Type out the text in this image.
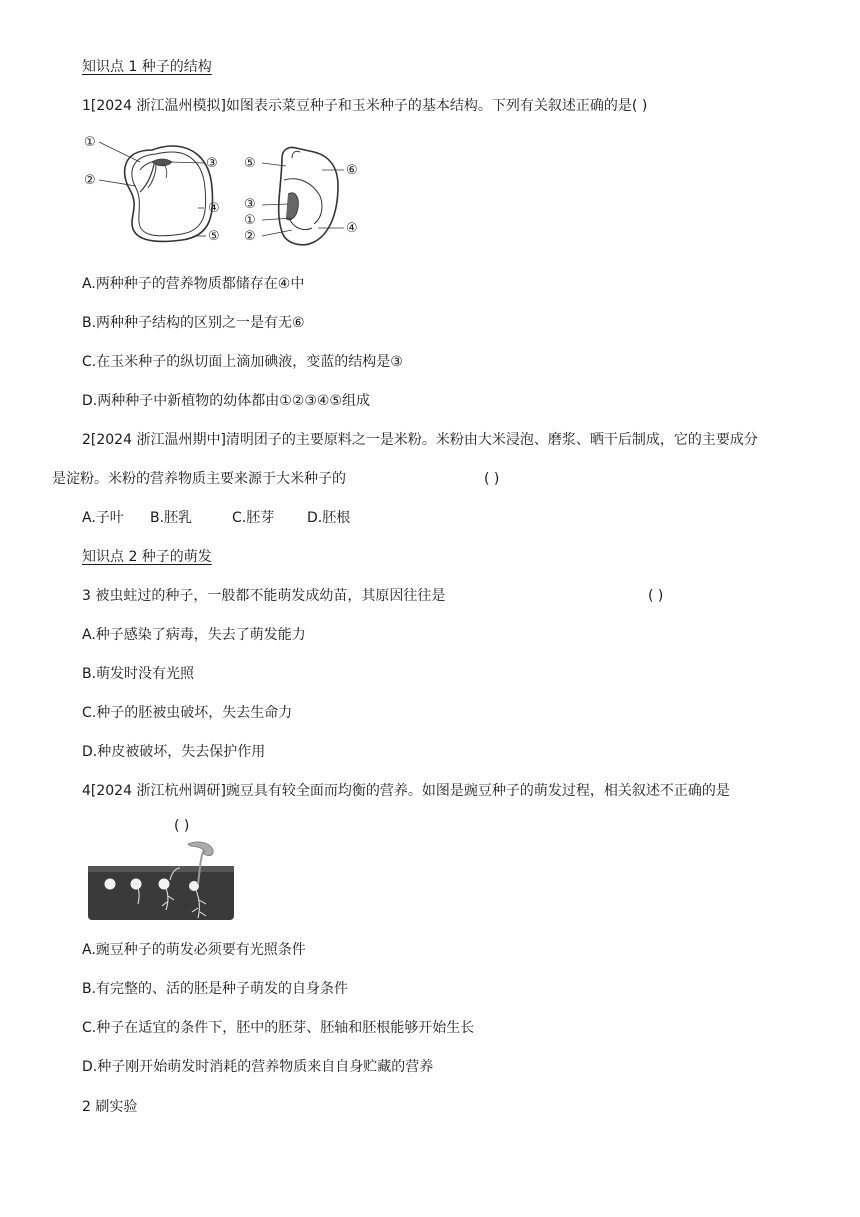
知识点 1 种子的结构
1[2024 浙江温州模拟]如图表示菜豆种子和玉米种子的基本结构。下列有关叙述正确的是( )
①
②
③
④
⑤
⑤	⑥
③
①
②
④
A.两种种子的营养物质都储存在④中
B.两种种子结构的区别之一是有无⑥
C.在玉米种子的纵切面上滴加碘液，变蓝的结构是③
D.两种种子中新植物的幼体都由①②③④⑤组成
2[2024 浙江温州期中]清明团子的主要原料之一是米粉。米粉由大米浸泡、磨浆、晒干后制成，它的主要成分
是淀粉。米粉的营养物质主要来源于大米种子的	( )
A.子叶 B.胚乳	C.胚芽 D.胚根
知识点 2 种子的萌发
3 被虫蛀过的种子，一般都不能萌发成幼苗，其原因往往是	( )
A.种子感染了病毒，失去了萌发能力
B.萌发时没有光照
C.种子的胚被虫破坏，失去生命力
D.种皮被破坏，失去保护作用
4[2024 浙江杭州调研]豌豆具有较全面而均衡的营养。如图是豌豆种子的萌发过程，相关叙述不正确的是
( )
A.豌豆种子的萌发必须要有光照条件
B.有完整的、活的胚是种子萌发的自身条件
C.种子在适宜的条件下，胚中的胚芽、胚轴和胚根能够开始生长
D.种子刚开始萌发时消耗的营养物质来自自身贮藏的营养
2 刷实验
